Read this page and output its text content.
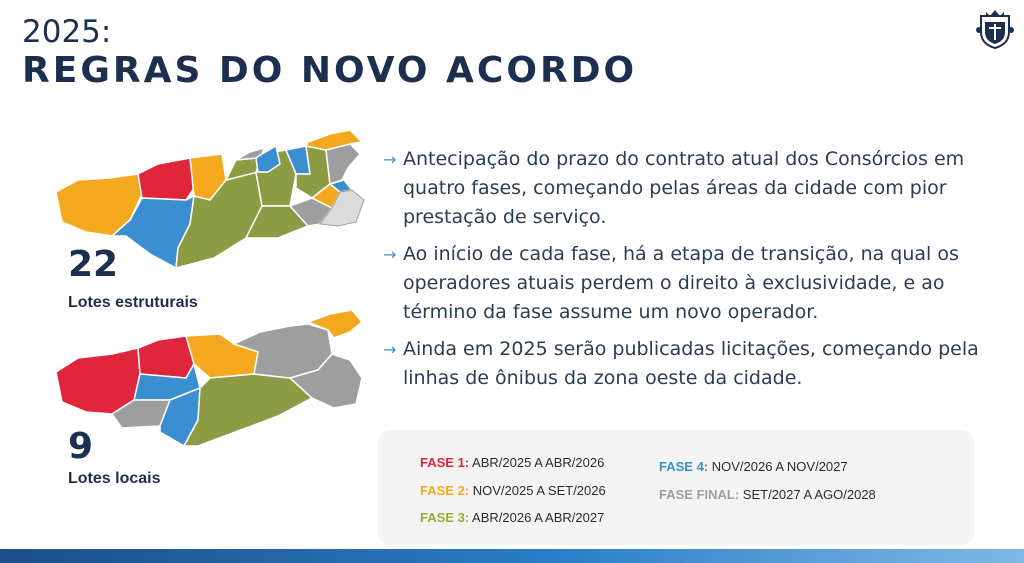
2025:
REGRAS DO NOVO ACORDO
22
Lotes estruturais
9
Lotes locais
→ Antecipação do prazo do contrato atual dos Consórcios em quatro fases, começando pelas áreas da cidade com pior prestação de serviço.
→ Ao início de cada fase, há a etapa de transição, na qual os operadores atuais perdem o direito à exclusividade, e ao término da fase assume um novo operador.
→ Ainda em 2025 serão publicadas licitações, começando pela linhas de ônibus da zona oeste da cidade.
FASE 1: ABR/2025 A ABR/2026
FASE 2: NOV/2025 A SET/2026
FASE 3: ABR/2026 A ABR/2027
FASE 4: NOV/2026 A NOV/2027
FASE FINAL: SET/2027 A AGO/2028
